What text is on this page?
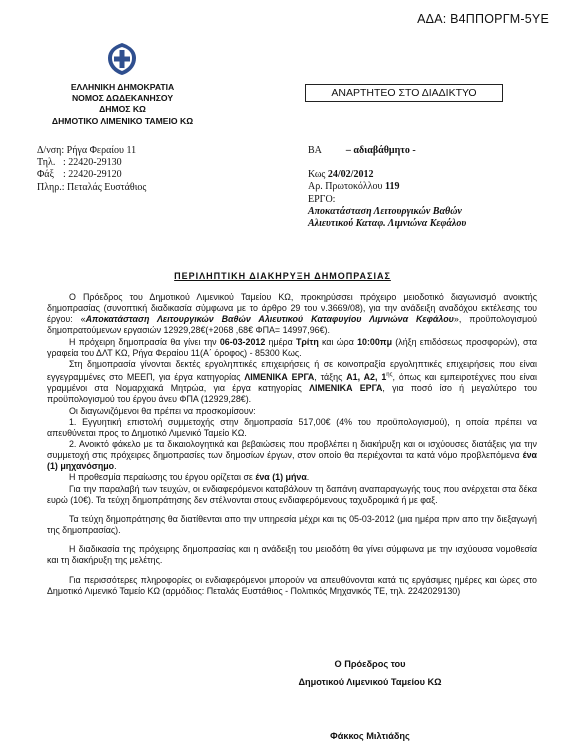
ΑΔΑ: Β4ΠΠΟΡΓΜ-5ΥΕ
ΕΛΛΗΝΙΚΗ ΔΗΜΟΚΡΑΤΙΑ
ΝΟΜΟΣ ΔΩΔΕΚΑΝΗΣΟΥ
ΔΗΜΟΣ ΚΩ
ΔΗΜΟΤΙΚΟ ΛΙΜΕΝΙΚΟ ΤΑΜΕΙΟ ΚΩ
ΑΝΑΡΤΗΤΕΟ ΣΤΟ ΔΙΑΔΙΚΤΥΟ
Δ/νση: Ρήγα Φεραίου 11
Τηλ. : 22420-29130
Φάξ : 22420-29120
Πληρ.: Πεταλάς Ευστάθιος
ΒΑ – αδιαβάθμητο -
Κως 24/02/2012
Αρ. Πρωτοκόλλου 119
ΕΡΓΟ:
Αποκατάσταση Λειτουργικών Βαθών
Αλιευτικού Καταφ. Λιμνιώνα Κεφάλου
ΠΕΡΙΛΗΠΤΙΚΗ ΔΙΑΚΗΡΥΞΗ ΔΗΜΟΠΡΑΣΙΑΣ

Ο Πρόεδρος του Δημοτικού Λιμενικού Ταμείου ΚΩ, προκηρύσσει πρόχειρο μειοδοτικό διαγωνισμό ανοικτής δημοπρασίας (συνοπτική διαδικασία σύμφωνα με το άρθρο 29 του ν.3669/08), για την ανάδειξη αναδόχου εκτέλεσης του έργου: «Αποκατάσταση Λειτουργικών Βαθών Αλιευτικού Καταφυγίου Λιμνιώνα Κεφάλου», προϋπολογισμού δημοπρατούμενων εργασιών 12929,28€(+2068 ,68€ ΦΠΑ= 14997,96€).

Η πρόχειρη δημοπρασία θα γίνει την 06-03-2012 ημέρα Τρίτη και ώρα 10:00πμ (λήξη επιδόσεως προσφορών), στα γραφεία του ΔΛΤ ΚΩ, Ρήγα Φεραίου 11(Α΄ όροφος) - 85300 Κως.

Στη δημοπρασία γίνονται δεκτές εργοληπτικές επιχειρήσεις ή σε κοινοπραξία εργοληπτικές επιχειρήσεις που είναι εγγεγραμμένες στο ΜΕΕΠ, για έργα κατηγορίας ΛΙΜΕΝΙΚΑ ΕΡΓΑ, τάξης Α1, Α2, $1^{\eta\varsigma}$, όπως και εμπειροτέχνες που είναι γραμμένοι στα Νομαρχιακά Μητρώα, για έργα κατηγορίας ΛΙΜΕΝΙΚΑ ΕΡΓΑ, για ποσό ίσο ή μεγαλύτερο του προϋπολογισμού του έργου άνευ ΦΠΑ (12929,28€).

Οι διαγωνιζόμενοι θα πρέπει να προσκομίσουν:

1. Εγγυητική επιστολή συμμετοχής στην δημοπρασία 517,00€ (4% του προϋπολογισμού), η οποία πρέπει να απευθύνεται προς το Δημοτικό Λιμενικό Ταμείο ΚΩ.

2. Ανοικτό φάκελο με τα δικαιολογητικά και βεβαιώσεις που προβλέπει η διακήρυξη και οι ισχύουσες διατάξεις για την συμμετοχή στις πρόχειρες δημοπρασίες των δημοσίων έργων, στον οποίο θα περιέχονται τα κατά νόμο προβλεπόμενα ένα (1) μηχανόσημο.

Η προθεσμία περαίωσης του έργου ορίζεται σε ένα (1) μήνα.

Για την παραλαβή των τευχών, οι ενδιαφερόμενοι καταβάλουν τη δαπάνη αναπαραγωγής τους που ανέρχεται στα δέκα ευρώ (10€). Τα τεύχη δημοπράτησης δεν στέλνονται στους ενδιαφερόμενους ταχυδρομικά ή με φαξ.

Τα τεύχη δημοπράτησης θα διατίθενται απο την υπηρεσία μέχρι και τις 05-03-2012 (μια ημέρα πριν απο την διεξαγωγή της δημοπρασίας).

Η διαδικασία της πρόχειρης δημοπρασίας και η ανάδειξη του μειοδότη θα γίνει σύμφωνα με την ισχύουσα νομοθεσία και τη διακήρυξη της μελέτης.

Για περισσότερες πληροφορίες οι ενδιαφερόμενοι μπορούν να απευθύνονται κατά τις εργάσιμες ημέρες και ώρες στο Δημοτικό Λιμενικό Ταμείο ΚΩ (αρμόδιος: Πεταλάς Ευστάθιος - Πολιτικός Μηχανικός ΤΕ, τηλ. 2242029130)

Ο Πρόεδρος του
Δημοτικού Λιμενικού Ταμείου ΚΩ
Φάκκος Μιλτιάδης
